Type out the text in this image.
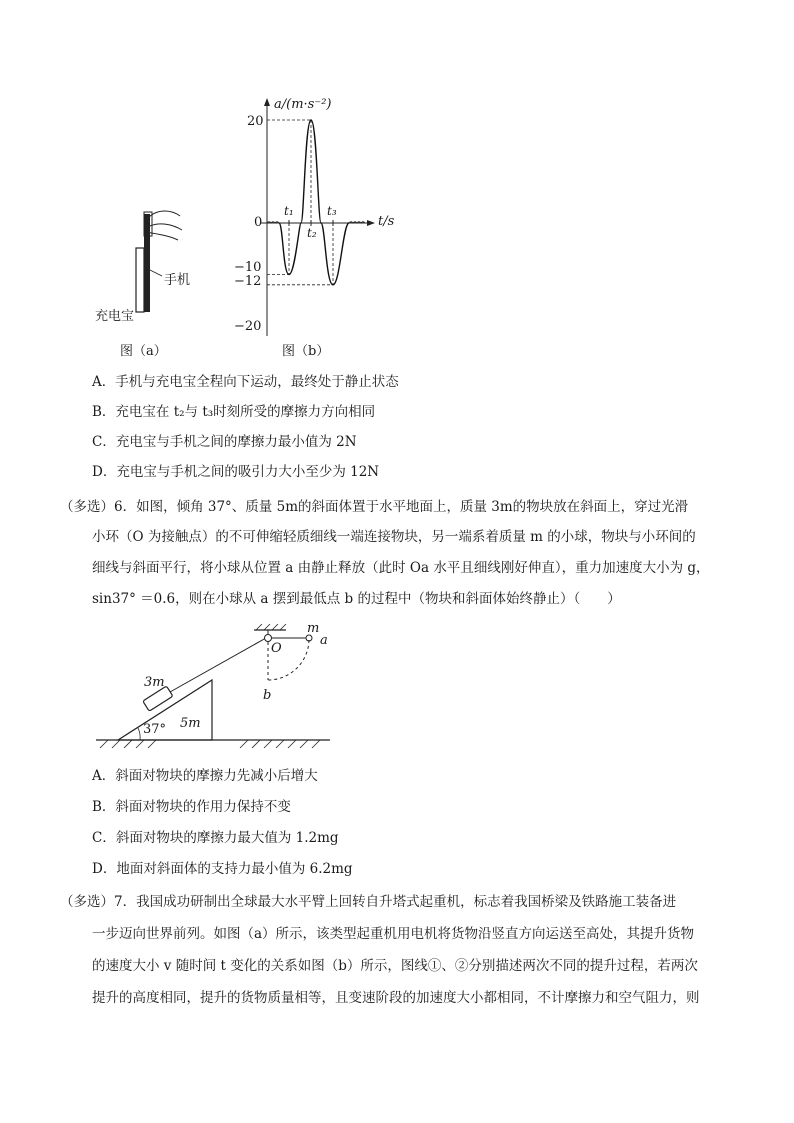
手机
充电宝
图（a）
a/(m·s⁻²)
t/s
20
0
−10
−12
−20
t₁
t₂
t₃
图（b）
A．手机与充电宝全程向下运动，最终处于静止状态
B．充电宝在 t₂与 t₃时刻所受的摩擦力方向相同
C．充电宝与手机之间的摩擦力最小值为 2N
D．充电宝与手机之间的吸引力大小至少为 12N
（多选）6．如图，倾角 37°、质量 5m的斜面体置于水平地面上，质量 3m的物块放在斜面上，穿过光滑
小环（O 为接触点）的不可伸缩轻质细线一端连接物块，另一端系着质量 m 的小球，物块与小环间的
细线与斜面平行，将小球从位置 a 由静止释放（此时 Oa 水平且细线刚好伸直），重力加速度大小为 g，
sin37° ＝0.6，则在小球从 a 摆到最低点 b 的过程中（物块和斜面体始终静止）（　　）
m
a
O
b
3m
37° 5m
A．斜面对物块的摩擦力先减小后增大
B．斜面对物块的作用力保持不变
C．斜面对物块的摩擦力最大值为 1.2mg
D．地面对斜面体的支持力最小值为 6.2mg
（多选）7．我国成功研制出全球最大水平臂上回转自升塔式起重机，标志着我国桥梁及铁路施工装备进
一步迈向世界前列。如图（a）所示，该类型起重机用电机将货物沿竖直方向运送至高处，其提升货物
的速度大小 v 随时间 t 变化的关系如图（b）所示，图线①、②分别描述两次不同的提升过程，若两次
提升的高度相同，提升的货物质量相等，且变速阶段的加速度大小都相同，不计摩擦力和空气阻力，则
